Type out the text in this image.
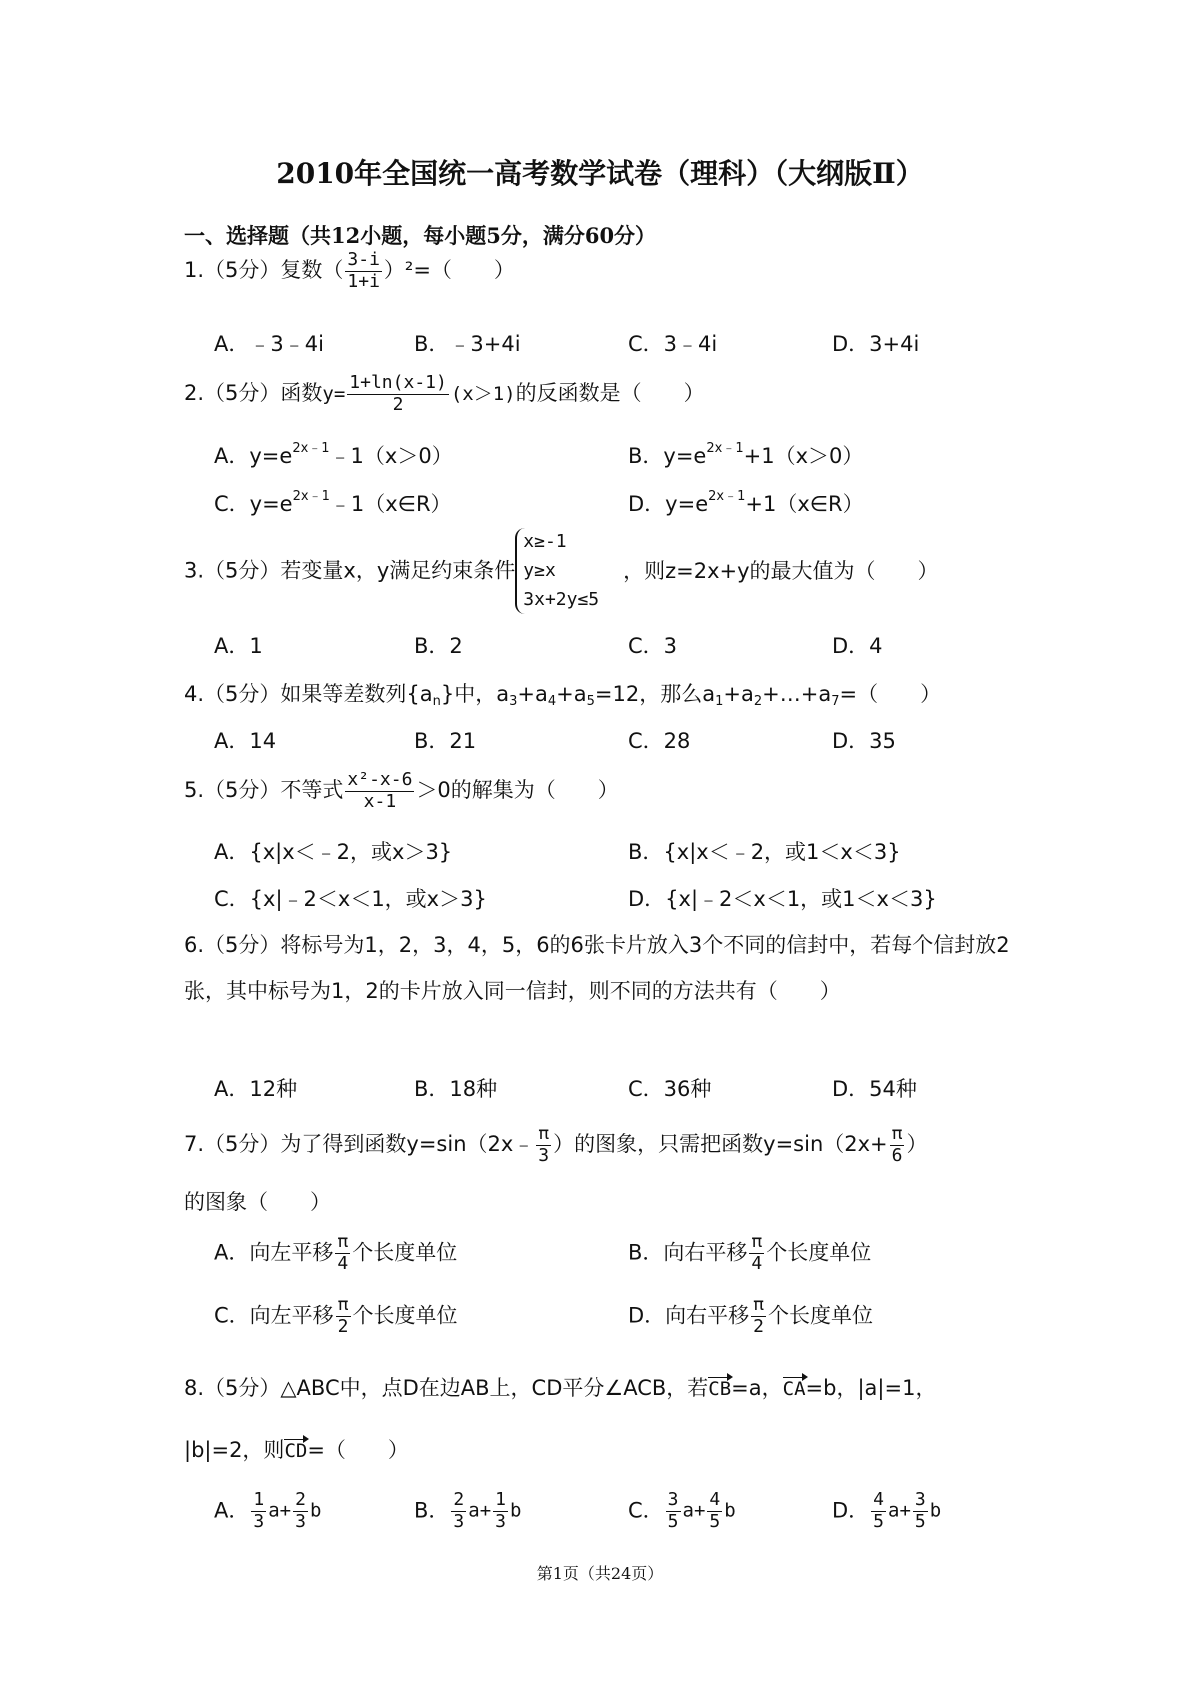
2010年全国统一高考数学试卷（理科）（大纲版Ⅱ）
一、选择题（共12小题，每小题5分，满分60分）
1.（5分）复数（ $\frac{3-i}{1+i} )^2=$（　　）
A．﹣3﹣4i	B．﹣3+4i	C．3﹣4i	D．3+4i
2.（5分）函数$y= \frac{1+\ln(x-1)}{2} (x>1)$的反函数是（　　）
A．$y=e^{2x﹣1}﹣1(x>0)$	B．$y=e^{2x﹣1}+1(x>0)$
C．$y=e^{2x﹣1}﹣1(x\in R)$	D．$y=e^{2x﹣1}+1(x\in R)$
3.（5分）若变量x，y满足约束条件x≥-1
y≥x
3x+2y≤5，则z=2x+y的最大值为（　　）
A．1	B．2	C．3	D．4
4.（5分）如果等差数列$\{a_n\}$中，$a_3+a_4+a_5=12$，那么$a_1+a_2+\dots+a_7=$（　　）
A．14	B．21	C．28	D．35
5.（5分）不等式 $\frac{\text{x²-x-6}}{x-1} >0$的解集为（　　）
A．{x|x＜﹣2，或x＞3}	B．{x|x＜﹣2，或1＜x＜3}
C．{x|﹣2＜x＜1，或x＞3}	D．{x|﹣2＜x＜1，或1＜x＜3}
6.（5分）将标号为1，2，3，4，5，6的6张卡片放入3个不同的信封中，若每个信封放2张，其中标号为1，2的卡片放入同一信封，则不同的方法共有（　　）
A．12种	B．18种	C．36种	D．54种
7.（5分）为了得到函数y=sin（2x﹣ $\frac{\pi}{3}$ ）的图象，只需把函数$y=\sin(2x+ \frac{\pi}{6}$ ）
的图象（　　）
A．向左平移 $\frac{\pi}{4}$ 个长度单位	B．向右平移 $\frac{\pi}{4}$ 个长度单位
C．向左平移 $\frac{\pi}{2}$ 个长度单位	D．向右平移 $\frac{\pi}{2}$ 个长度单位
8.（5分）△ABC中，点D在边AB上，CD平分∠ACB，若CB=a，CA=b，|a|=1，
|b|=2，则CD=（　　）
A． $\frac{1}{3} a+ \frac{2}{3}$ b	B． $\frac{2}{3} a+ \frac{1}{3}$ b	C． $\frac{3}{5} a+ \frac{4}{5}$ b	D． $\frac{4}{5} a+ \frac{3}{5}$ b
第1页（共24页）
